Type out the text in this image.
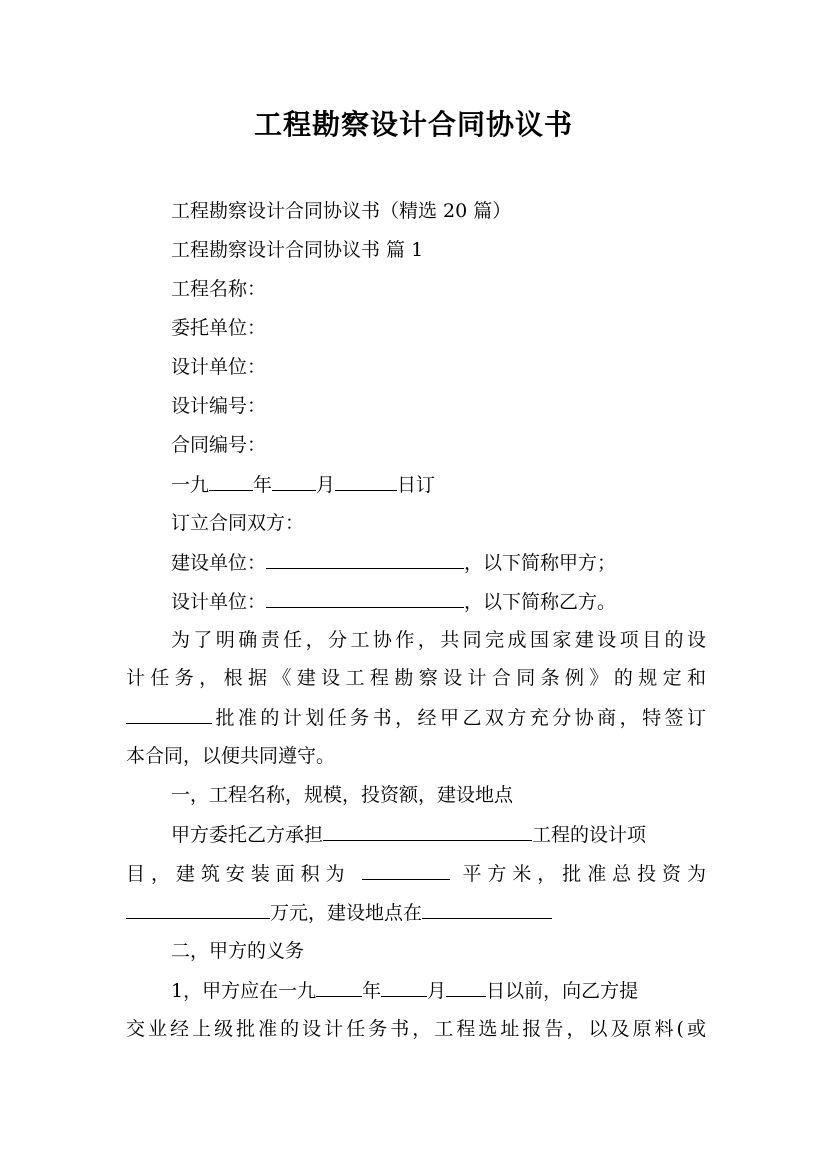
工程勘察设计合同协议书
工程勘察设计合同协议书（精选 20 篇）
工程勘察设计合同协议书 篇 1
工程名称：
委托单位：
设计单位：
设计编号：
合同编号：
一九 年 月	日订
订立合同双方：
建设单位：	，以下简称甲方；
设计单位：	，以下简称乙方。
为了明确责任，分工协作，共同完成国家建设项目的设
计任务，根据《建设工程勘察设计合同条例》的规定和
批准的计划任务书，经甲乙双方充分协商，特签订
本合同，以便共同遵守。
一，工程名称，规模，投资额，建设地点
甲方委托乙方承担	工程的设计项
目，建筑安装面积为	平方米，批准总投资为
万元，建设地点在
二，甲方的义务
1，甲方应在一九 年 月 日以前，向乙方提
交业经上级批准的设计任务书，工程选址报告，以及原料(或
